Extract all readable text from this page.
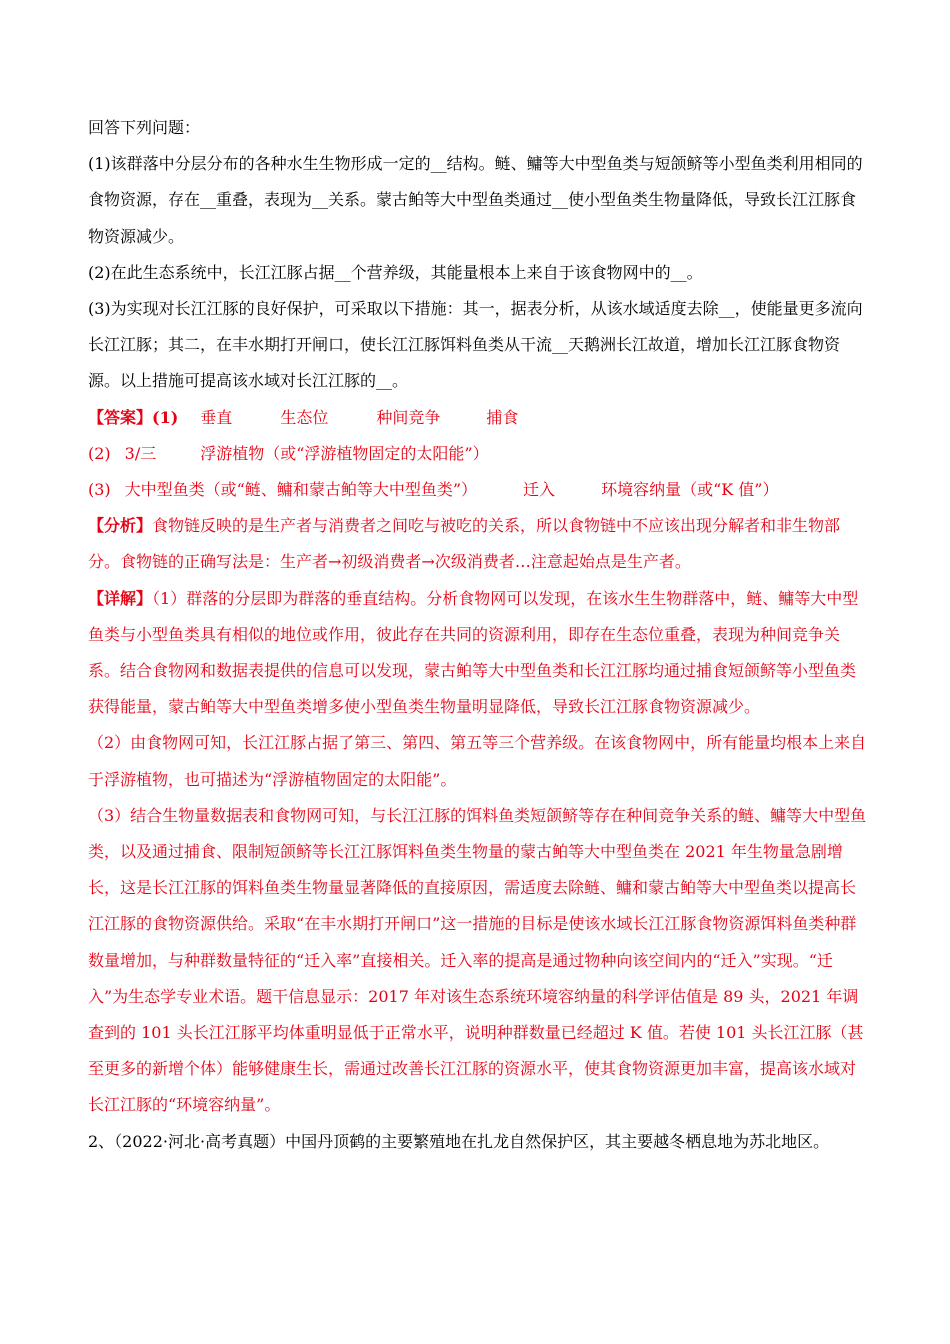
回答下列问题：

(1)该群落中分层分布的各种水生生物形成一定的__结构。鲢、鳙等大中型鱼类与短颌鲚等小型鱼类利用相同的食物资源，存在__重叠，表现为__关系。蒙古鲌等大中型鱼类通过__使小型鱼类生物量降低，导致长江江豚食物资源减少。

(2)在此生态系统中，长江江豚占据__个营养级，其能量根本上来自于该食物网中的__。

(3)为实现对长江江豚的良好保护，可采取以下措施：其一，据表分析，从该水域适度去除__，使能量更多流向长江江豚；其二，在丰水期打开闸口，使长江江豚饵料鱼类从干流__天鹅洲长江故道，增加长江江豚食物资源。以上措施可提高该水域对长江江豚的__。

【答案】 (1) 垂直	生态位	种间竞争	捕食
(2) 3/三	浮游植物（或“浮游植物固定的太阳能”）
(3) 大中型鱼类（或“鲢、鳙和蒙古鲌等大中型鱼类”）	迁入	环境容纳量（或“K 值”）

【分析】食物链反映的是生产者与消费者之间吃与被吃的关系，所以食物链中不应该出现分解者和非生物部分。食物链的正确写法是：生产者→初级消费者→次级消费者…注意起始点是生产者。

【详解】（1）群落的分层即为群落的垂直结构。分析食物网可以发现，在该水生生物群落中，鲢、鳙等大中型鱼类与小型鱼类具有相似的地位或作用，彼此存在共同的资源利用，即存在生态位重叠，表现为种间竞争关系。结合食物网和数据表提供的信息可以发现，蒙古鲌等大中型鱼类和长江江豚均通过捕食短颌鲚等小型鱼类获得能量，蒙古鲌等大中型鱼类增多使小型鱼类生物量明显降低，导致长江江豚食物资源减少。

（2）由食物网可知，长江江豚占据了第三、第四、第五等三个营养级。在该食物网中，所有能量均根本上来自于浮游植物，也可描述为“浮游植物固定的太阳能”。

（3）结合生物量数据表和食物网可知，与长江江豚的饵料鱼类短颌鲚等存在种间竞争关系的鲢、鳙等大中型鱼类，以及通过捕食、限制短颌鲚等长江江豚饵料鱼类生物量的蒙古鲌等大中型鱼类在 2021 年生物量急剧增长，这是长江江豚的饵料鱼类生物量显著降低的直接原因，需适度去除鲢、鳙和蒙古鲌等大中型鱼类以提高长江江豚的食物资源供给。采取“在丰水期打开闸口”这一措施的目标是使该水域长江江豚食物资源饵料鱼类种群数量增加，与种群数量特征的“迁入率”直接相关。迁入率的提高是通过物种向该空间内的“迁入”实现。“迁入”为生态学专业术语。题干信息显示：2017 年对该生态系统环境容纳量的科学评估值是 89 头，2021 年调查到的 101 头长江江豚平均体重明显低于正常水平，说明种群数量已经超过 K 值。若使 101 头长江江豚（甚至更多的新增个体）能够健康生长，需通过改善长江江豚的资源水平，使其食物资源更加丰富，提高该水域对长江江豚的“环境容纳量”。

2、（2022·河北·高考真题）中国丹顶鹤的主要繁殖地在扎龙自然保护区，其主要越冬栖息地为苏北地区。
